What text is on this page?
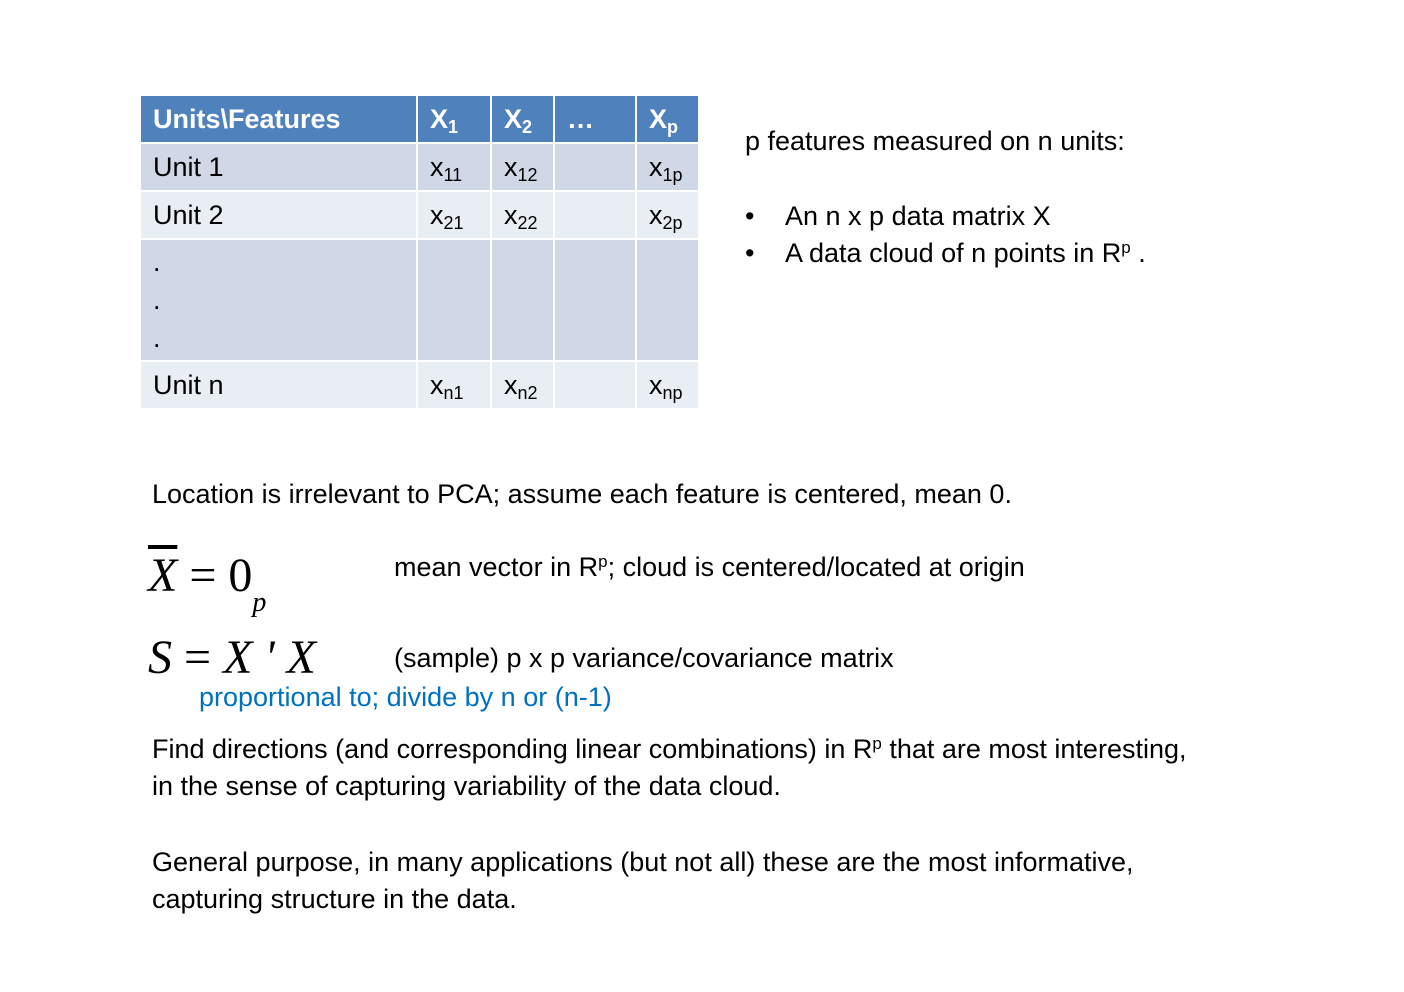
Units\Features	$X_1$	$X_2$	…	$X_p$
Unit 1	$x_{11}$	$x_{12}$		$x_{1p}$
Unit 2	$x_{21}$	$x_{22}$		$x_{2p}$

.
.
.				

Unit n	$x_{n1}$	$x_{n2}$		$x_{np}$
p features measured on n units:
• An n x p data matrix X
• A data cloud of n points in $R^p$ .
Location is irrelevant to PCA; assume each feature is centered, mean 0.
$\overline{X} = 0_p$
mean vector in $R^p$; cloud is centered/located at origin
S = X ' X	(sample) p x p variance/covariance matrix
proportional to; divide by n or (n-1)
Find directions (and corresponding linear combinations) in $R^p$ that are most interesting,
in the sense of capturing variability of the data cloud.
General purpose, in many applications (but not all) these are the most informative,
capturing structure in the data.
